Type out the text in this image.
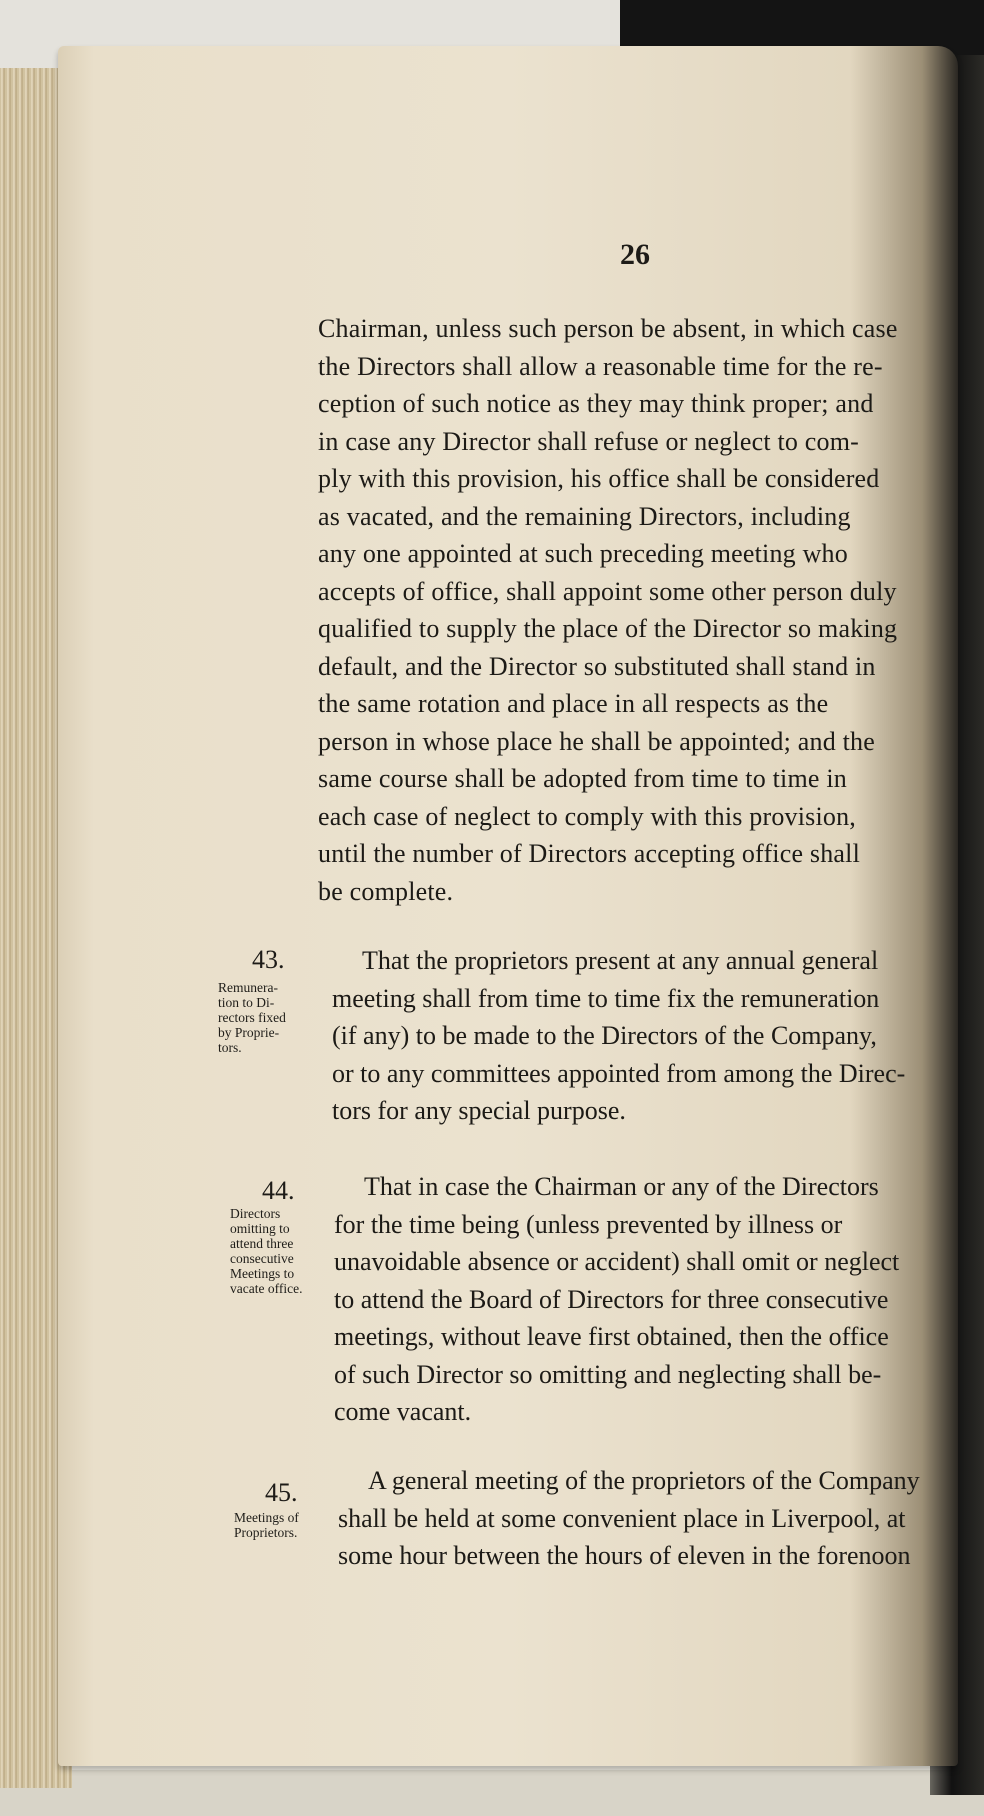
26

Chairman, unless such person be absent, in which case
the Directors shall allow a reasonable time for the re-
ception of such notice as they may think proper; and
in case any Director shall refuse or neglect to com-
ply with this provision, his office shall be considered
as vacated, and the remaining Directors, including
any one appointed at such preceding meeting who
accepts of office, shall appoint some other person duly
qualified to supply the place of the Director so making
default, and the Director so substituted shall stand in
the same rotation and place in all respects as the
person in whose place he shall be appointed; and the
same course shall be adopted from time to time in
each case of neglect to comply with this provision,
until the number of Directors accepting office shall
be complete.

43.
Remunera-
tion to Di-
rectors fixed
by Proprie-
tors.

That the proprietors present at any annual general
meeting shall from time to time fix the remuneration
(if any) to be made to the Directors of the Company,
or to any committees appointed from among the Direc-
tors for any special purpose.

44.
Directors
omitting to
attend three
consecutive
Meetings to
vacate office.

That in case the Chairman or any of the Directors
for the time being (unless prevented by illness or
unavoidable absence or accident) shall omit or neglect
to attend the Board of Directors for three consecutive
meetings, without leave first obtained, then the office
of such Director so omitting and neglecting shall be-
come vacant.

45.
Meetings of
Proprietors.

A general meeting of the proprietors of the Company
shall be held at some convenient place in Liverpool, at
some hour between the hours of eleven in the forenoon
